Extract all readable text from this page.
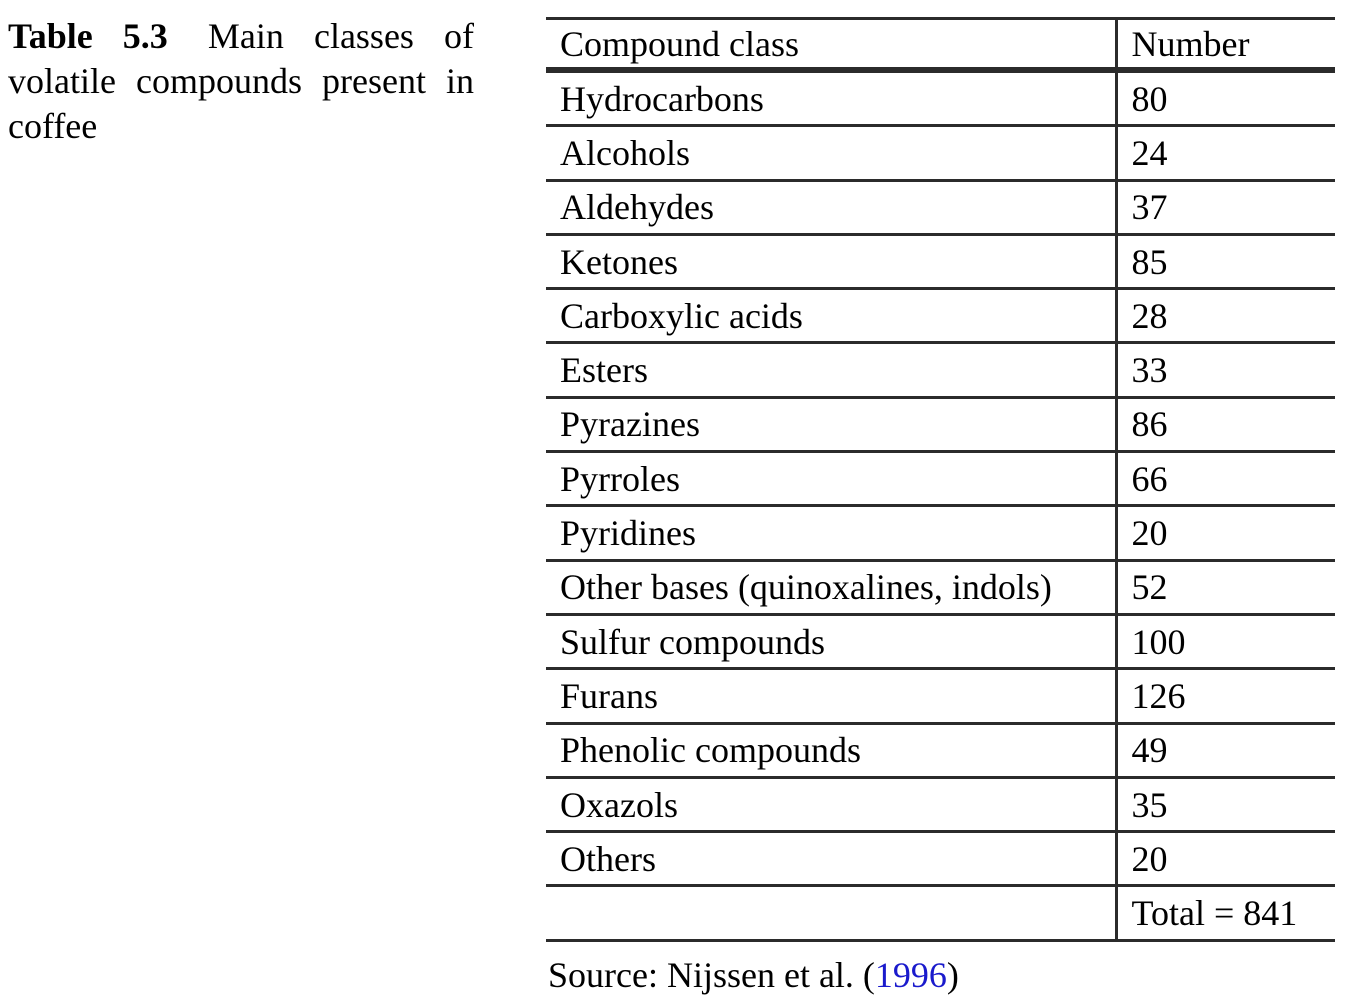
Table 5.3 Main classes of volatile compounds present in coffee
Compound class	Number
Hydrocarbons	80
Alcohols	24
Aldehydes	37
Ketones	85
Carboxylic acids	28
Esters	33
Pyrazines	86
Pyrroles	66
Pyridines	20
Other bases (quinoxalines, indols)	52
Sulfur compounds	100
Furans	126
Phenolic compounds	49
Oxazols	35
Others	20
	Total = 841
Source: Nijssen et al. (1996)
